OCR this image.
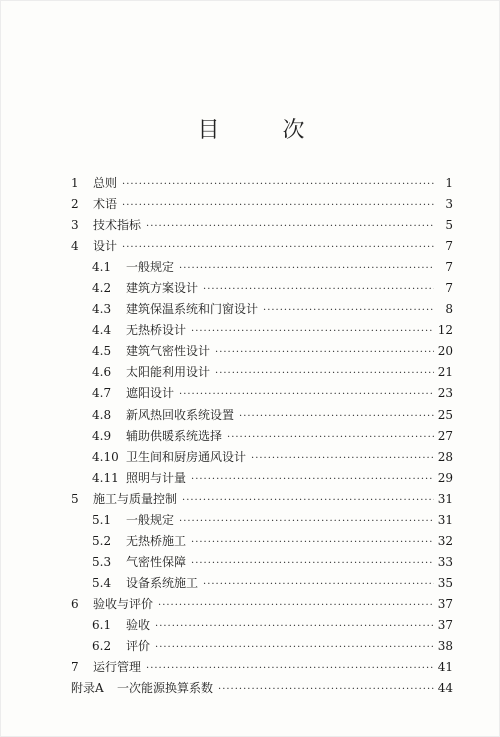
目 次
1	总则 ·····	1
2	术语 ·····	3
3	技术指标 ·····	5
4	设计 ·····	7
4.1	一般规定 ·····	7
4.2	建筑方案设计 ·····	7
4.3	建筑保温系统和门窗设计 ·····	8
4.4	无热桥设计 ·····	12
4.5	建筑气密性设计 ·····	20
4.6	太阳能利用设计 ·····	21
4.7	遮阳设计 ·····	23
4.8	新风热回收系统设置 ·····	25
4.9	辅助供暖系统选择 ·····	27
4.10 卫生间和厨房通风设计 ·····	28
4.11 照明与计量 ·····	29
5	施工与质量控制 ·····	31
5.1	一般规定 ·····	31
5.2	无热桥施工 ·····	32
5.3	气密性保障 ·····	33
5.4	设备系统施工 ·····	35
6	验收与评价 ·····	37
6.1	验收 ·····	37
6.2	评价 ·····	38
7	运行管理 ·····	41
附录A	一次能源换算系数 ·····	44
